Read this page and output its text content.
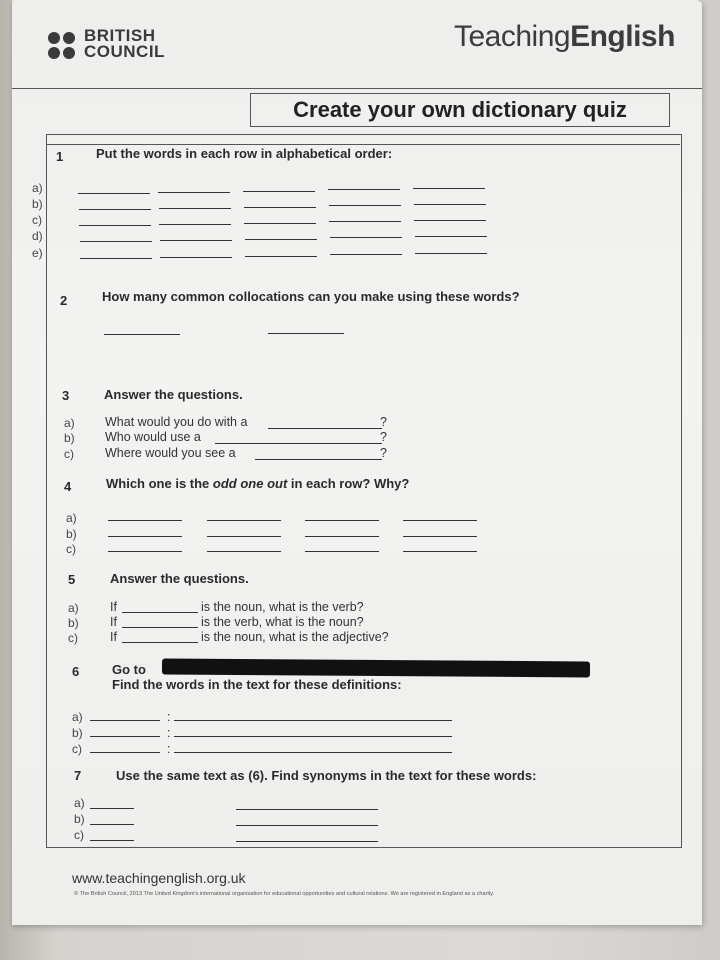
BRITISH
COUNCIL	TeachingEnglish
Create your own dictionary quiz
1	Put the words in each row in alphabetical order:
2	How many common collocations can you make using these words?
3	Answer the questions.
4	Which one is the odd one out in each row? Why?
5	Answer the questions.
6	Go to
Find the words in the text for these definitions:
7	Use the same text as (6). Find synonyms in the text for these words:
www.teachingenglish.org.uk
© The British Council, 2013 The United Kingdom's international organisation for educational opportunities and cultural relations. We are registered in England as a charity.
a)
b)
c)
d)
e)
a) What would you do with a	?
b) Who would use a	?
c) Where would you see a	?
a)
b)
c)
a)	If	is the noun, what is the verb?
b)	If	is the verb, what is the noun?
c)	If	is the noun, what is the adjective?
a)	:
b)	:
c)	:
a)
b)
c)
